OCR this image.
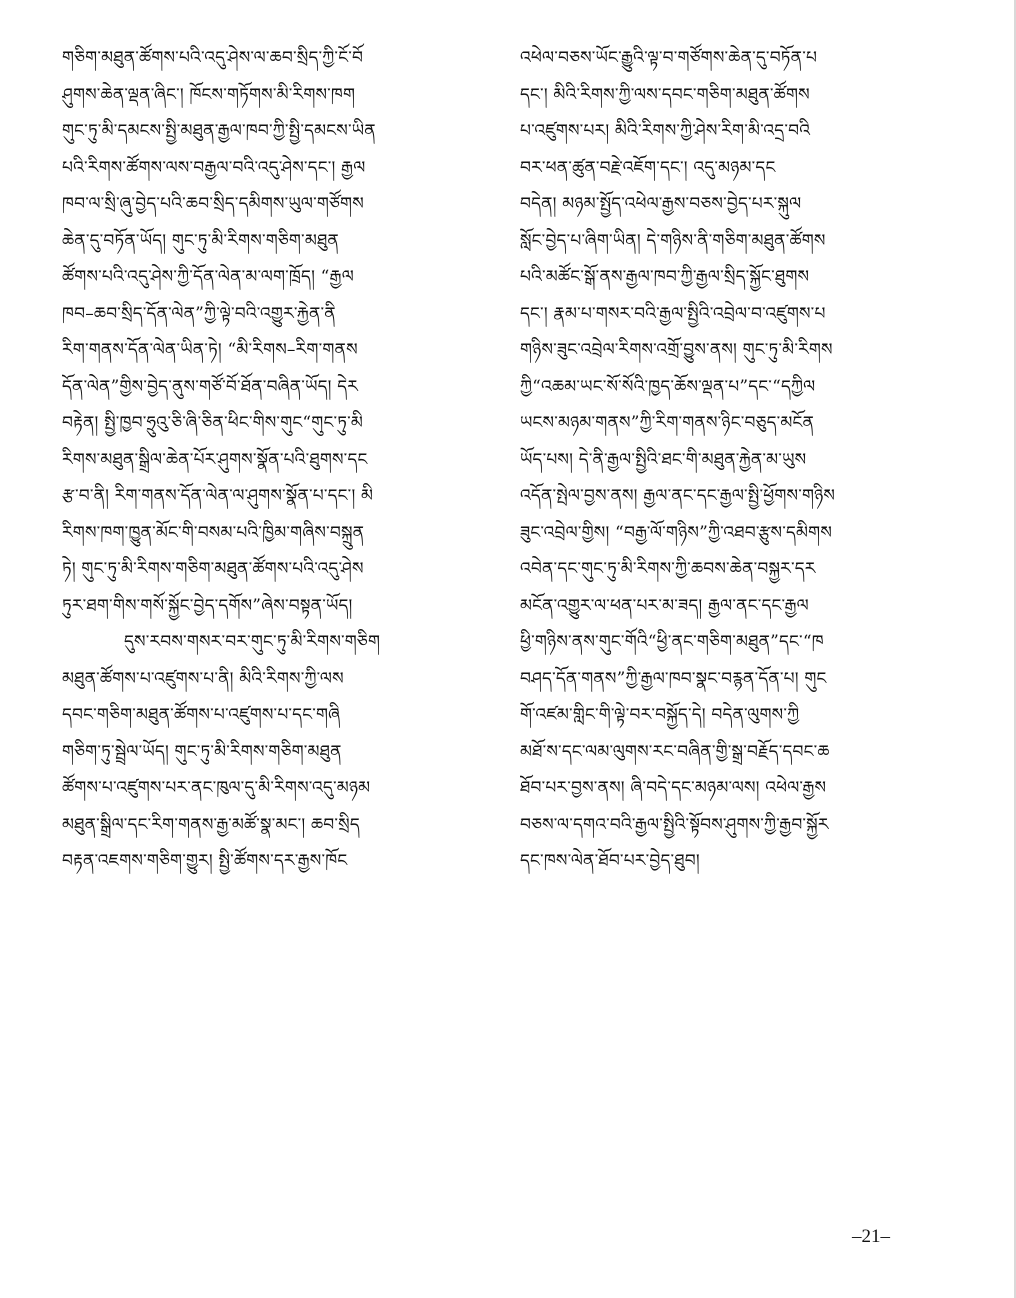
གཅིག་མཐུན་ཚོགས་པའི་འདུ་ཤེས་ལ་ཆབ་སྲིད་ཀྱི་ངོ་བོ
ཤུགས་ཆེན་ལྡན་ཞིང་། ཁོངས་གཏོགས་མི་རིགས་ཁག
གུང་ཏུ་མི་དམངས་སྤྱི་མཐུན་རྒྱལ་ཁབ་ཀྱི་སྤྱི་དམངས་ཡིན
པའི་རིགས་ཚོགས་ལས་བརྒྱལ་བའི་འདུ་ཤེས་དང་། རྒྱལ
ཁབ་ལ་སྲི་ཞུ་བྱེད་པའི་ཆབ་སྲིད་དམིགས་ཡུལ་གཙོགས
ཆེན་དུ་བཏོན་ཡོད། གུང་ཏུ་མི་རིགས་གཅིག་མཐུན
ཚོགས་པའི་འདུ་ཤེས་ཀྱི་དོན་ལེན་མ་ལག་ཁྲོད། “རྒྱལ
ཁབ–ཆབ་སྲིད་དོན་ལེན”ཀྱི་ལྟེ་བའི་འགྱུར་རྐྱེན་ནི
རིག་གནས་དོན་ལེན་ཡིན་ཏེ། “མི་རིགས–རིག་གནས
དོན་ལེན”གྱིས་བྱེད་ནུས་གཙོ་བོ་ཐོན་བཞིན་ཡོད། དེར
བརྟེན། སྤྱི་ཁྱབ་ཧྲུའུ་ཅི་ཞི་ཅིན་ཕིང་གིས་གུང“གུང་ཏུ་མི
རིགས་མཐུན་སྒྲིལ་ཆེན་པོར་ཤུགས་སྣོན་པའི་ཐུགས་དང
རྩ་བ་ནི། རིག་གནས་དོན་ལེན་ལ་ཤུགས་སྣོན་པ་དང་། མི
རིགས་ཁག་ཁྱུན་མོང་གི་བསམ་པའི་ཁྱིམ་གཞིས་བསྐྲུན
ཏེ། གུང་ཏུ་མི་རིགས་གཅིག་མཐུན་ཚོགས་པའི་འདུ་ཤེས
ཏུར་ཐག་གིས་གསོ་སྐྱོང་བྱེད་དགོས”ཞེས་བསྟན་ཡོད།
དུས་རབས་གསར་བར་གུང་ཏུ་མི་རིགས་གཅིག
མཐུན་ཚོགས་པ་འཛུགས་པ་ནི། མིའི་རིགས་ཀྱི་ལས
དབང་གཅིག་མཐུན་ཚོགས་པ་འཛུགས་པ་དང་གཞི
གཅིག་ཏུ་སྦྲེལ་ཡོད། གུང་ཏུ་མི་རིགས་གཅིག་མཐུན
ཚོགས་པ་འཛུགས་པར་ནང་ཁུལ་དུ་མི་རིགས་འདུ་མཉམ
མཐུན་སྒྲིལ་དང་རིག་གནས་རྒྱ་མཚོ་སྣ་མང་། ཆབ་སྲིད
བརྟན་འཇགས་གཅིག་གྱུར། སྤྱི་ཚོགས་དར་རྒྱས་ཁོང
འཕེལ་བཅས་ཡོང་རྒྱུའི་ལྟ་བ་གཙོགས་ཆེན་དུ་བཏོན་པ
དང་། མིའི་རིགས་ཀྱི་ལས་དབང་གཅིག་མཐུན་ཚོགས
པ་འཛུགས་པར། མིའི་རིགས་ཀྱི་ཤེས་རིག་མི་འདྲ་བའི
བར་ཕན་ཚུན་བརྗེ་འཇོག་དང་། འདུ་མཉམ་དང
བདེན། མཉམ་སྤྱོད་འཕེལ་རྒྱས་བཅས་བྱེད་པར་སྐུལ
སློང་བྱེད་པ་ཞིག་ཡིན། དེ་གཉིས་ནི་གཅིག་མཐུན་ཚོགས
པའི་མཚོང་སྒོ་ནས་རྒྱལ་ཁབ་ཀྱི་རྒྱལ་སྲིད་སྐྱོང་ཐུགས
དང་། རྣམ་པ་གསར་བའི་རྒྱལ་སྤྱིའི་འབྲེལ་བ་འཛུགས་པ
གཉིས་ཟུང་འབྲེལ་རིགས་འགྲོ་བྱུས་ནས། གུང་ཏུ་མི་རིགས
ཀྱི“འཆམ་ཡང་སོ་སོའི་ཁྱད་ཆོས་ལྡན་པ”དང་“དཀྱིལ
ཡངས་མཉམ་གནས”ཀྱི་རིག་གནས་ཉིང་བཅུད་མངོན
ཡོད་པས། དེ་ནི་རྒྱལ་སྤྱིའི་ཐང་གི་མཐུན་རྐྱེན་མ་ཡུས
འདོན་སྤེལ་བྱས་ནས། རྒྱལ་ནང་དང་རྒྱལ་སྤྱི་ཕྱོགས་གཉིས
ཟུང་འབྲེལ་གྱིས། “བརྒྱ་ལོ་གཉིས”ཀྱི་འཐབ་རྩུས་དམིགས
འབེན་དང་གུང་ཏུ་མི་རིགས་ཀྱི་ཆབས་ཆེན་བསྐྱར་དར
མངོན་འགྱུར་ལ་ཕན་པར་མ་ཟད། རྒྱལ་ནང་དང་རྒྱལ
ཕྱི་གཉིས་ནས་གུང་གོའི“ཕྱི་ནང་གཅིག་མཐུན”དང་“ཁ
བཤད་དོན་གནས”ཀྱི་རྒྱལ་ཁབ་སྣང་བརྙན་དོན་པ། གུང
གོ་འཛམ་གླིང་གི་ལྟེ་བར་བསྐྱོད་དེ། བདེན་ལུགས་ཀྱི
མཐོ་ས་དང་ལམ་ལུགས་རང་བཞིན་གྱི་སྒྲ་བརྗོད་དབང་ཆ
ཐོབ་པར་བྱས་ནས། ཞི་བདེ་དང་མཉམ་ལས། འཕེལ་རྒྱས
བཅས་ལ་དགའ་བའི་རྒྱལ་སྤྱིའི་སྟོབས་ཤུགས་ཀྱི་རྒྱབ་སྐྱོར
དང་ཁས་ལེན་ཐོབ་པར་བྱེད་ཐུབ།
–21–
